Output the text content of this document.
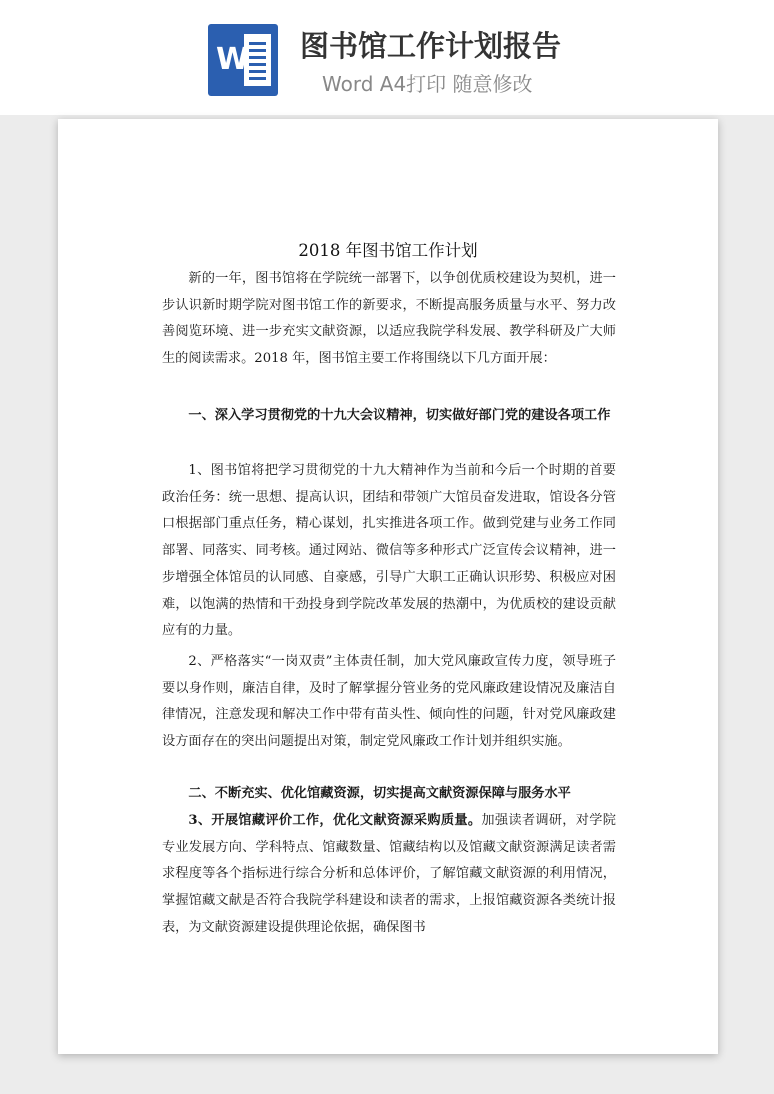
W 图书馆工作计划报告
Word A4打印 随意修改
2018 年图书馆工作计划

新的一年，图书馆将在学院统一部署下，以争创优质校建设为契机，进一步认识新时期学院对图书馆工作的新要求，不断提高服务质量与水平、努力改善阅览环境、进一步充实文献资源，以适应我院学科发展、教学科研及广大师生的阅读需求。2018 年，图书馆主要工作将围绕以下几方面开展：

一、深入学习贯彻党的十九大会议精神，切实做好部门党的建设各项工作

1、图书馆将把学习贯彻党的十九大精神作为当前和今后一个时期的首要政治任务：统一思想、提高认识，团结和带领广大馆员奋发进取，馆设各分管口根据部门重点任务，精心谋划，扎实推进各项工作。做到党建与业务工作同部署、同落实、同考核。通过网站、微信等多种形式广泛宣传会议精神，进一步增强全体馆员的认同感、自豪感，引导广大职工正确认识形势、积极应对困难，以饱满的热情和干劲投身到学院改革发展的热潮中，为优质校的建设贡献应有的力量。

2、严格落实“一岗双责”主体责任制，加大党风廉政宣传力度，领导班子要以身作则，廉洁自律，及时了解掌握分管业务的党风廉政建设情况及廉洁自律情况，注意发现和解决工作中带有苗头性、倾向性的问题，针对党风廉政建设方面存在的突出问题提出对策，制定党风廉政工作计划并组织实施。

二、不断充实、优化馆藏资源，切实提高文献资源保障与服务水平

3、开展馆藏评价工作，优化文献资源采购质量。加强读者调研，对学院专业发展方向、学科特点、馆藏数量、馆藏结构以及馆藏文献资源满足读者需求程度等各个指标进行综合分析和总体评价，了解馆藏文献资源的利用情况，掌握馆藏文献是否符合我院学科建设和读者的需求，上报馆藏资源各类统计报表，为文献资源建设提供理论依据，确保图书
